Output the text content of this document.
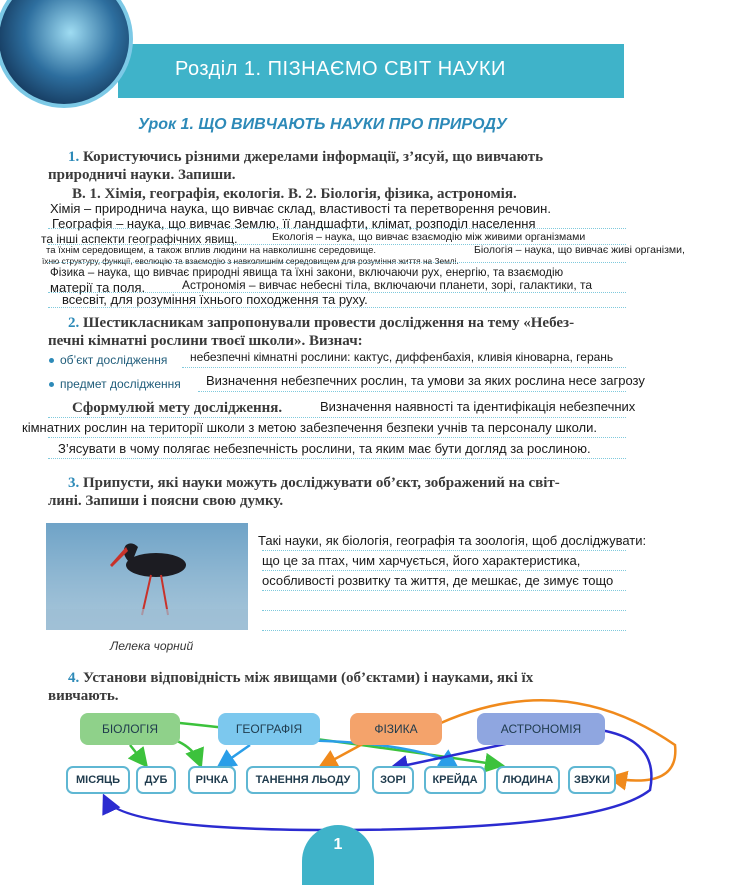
Розділ 1. ПІЗНАЄМО СВІТ НАУКИ
Урок 1. ЩО ВИВЧАЮТЬ НАУКИ ПРО ПРИРОДУ
1. Користуючись різними джерелами інформації, з’ясуй, що вивчають
природничі науки. Запиши.
В. 1. Хімія, географія, екологія. В. 2. Біологія, фізика, астрономія.
Хімія – природнича наука, що вивчає склад, властивості та перетворення речовин.
Географія – наука, що вивчає Землю, її ландшафти, клімат, розподіл населення
та інші аспекти географічних явищ.	Екологія – наука, що вивчає взаємодію між живими організмами
та їхнім середовищем, а також вплив людини на навколишнє середовище.	Біологія – наука, що вивчає живі організми,
їхню структуру, функції, еволюцію та взаємодію з навколишнім середовищем для розуміння життя на Землі.
Фізика – наука, що вивчає природні явища та їхні закони, включаючи рух, енергію, та взаємодію
матерії та поля.	Астрономія – вивчає небесні тіла, включаючи планети, зорі, галактики, та
всесвіт, для розуміння їхнього походження та руху.
2. Шестикласникам запропонували провести дослідження на тему «Небез-
печні кімнатні рослини твоєї школи». Визнач:
об’єкт дослідження небезпечні кімнатні рослини: кактус, диффенбахія, кливія кіноварна, герань
предмет дослідження Визначення небезпечних рослин, та умови за яких рослина несе загрозу
Сформулюй мету дослідження.	Визначення наявності та ідентифікація небезпечних
кімнатних рослин на території школи з метою забезпечення безпеки учнів та персоналу школи.
З’ясувати в чому полягає небезпечність рослини, та яким має бути догляд за рослиною.
3. Припусти, які науки можуть досліджувати об’єкт, зображений на світ-
лині. Запиши і поясни свою думку.
Лелека чорний
Такі науки, як біологія, географія та зоологія, щоб досліджувати:
що це за птах, чим харчується, його характеристика,
особливості розвитку та життя, де мешкає, де зимує тощо
4. Установи відповідність між явищами (об’єктами) і науками, які їх
вивчають.
БІОЛОГІЯ	ГЕОГРАФІЯ	ФІЗИКА	АСТРОНОМІЯ
МІСЯЦЬ	ДУБ	РІЧКА	ТАНЕННЯ ЛЬОДУ	ЗОРІ	КРЕЙДА	ЛЮДИНА	ЗВУКИ
1
